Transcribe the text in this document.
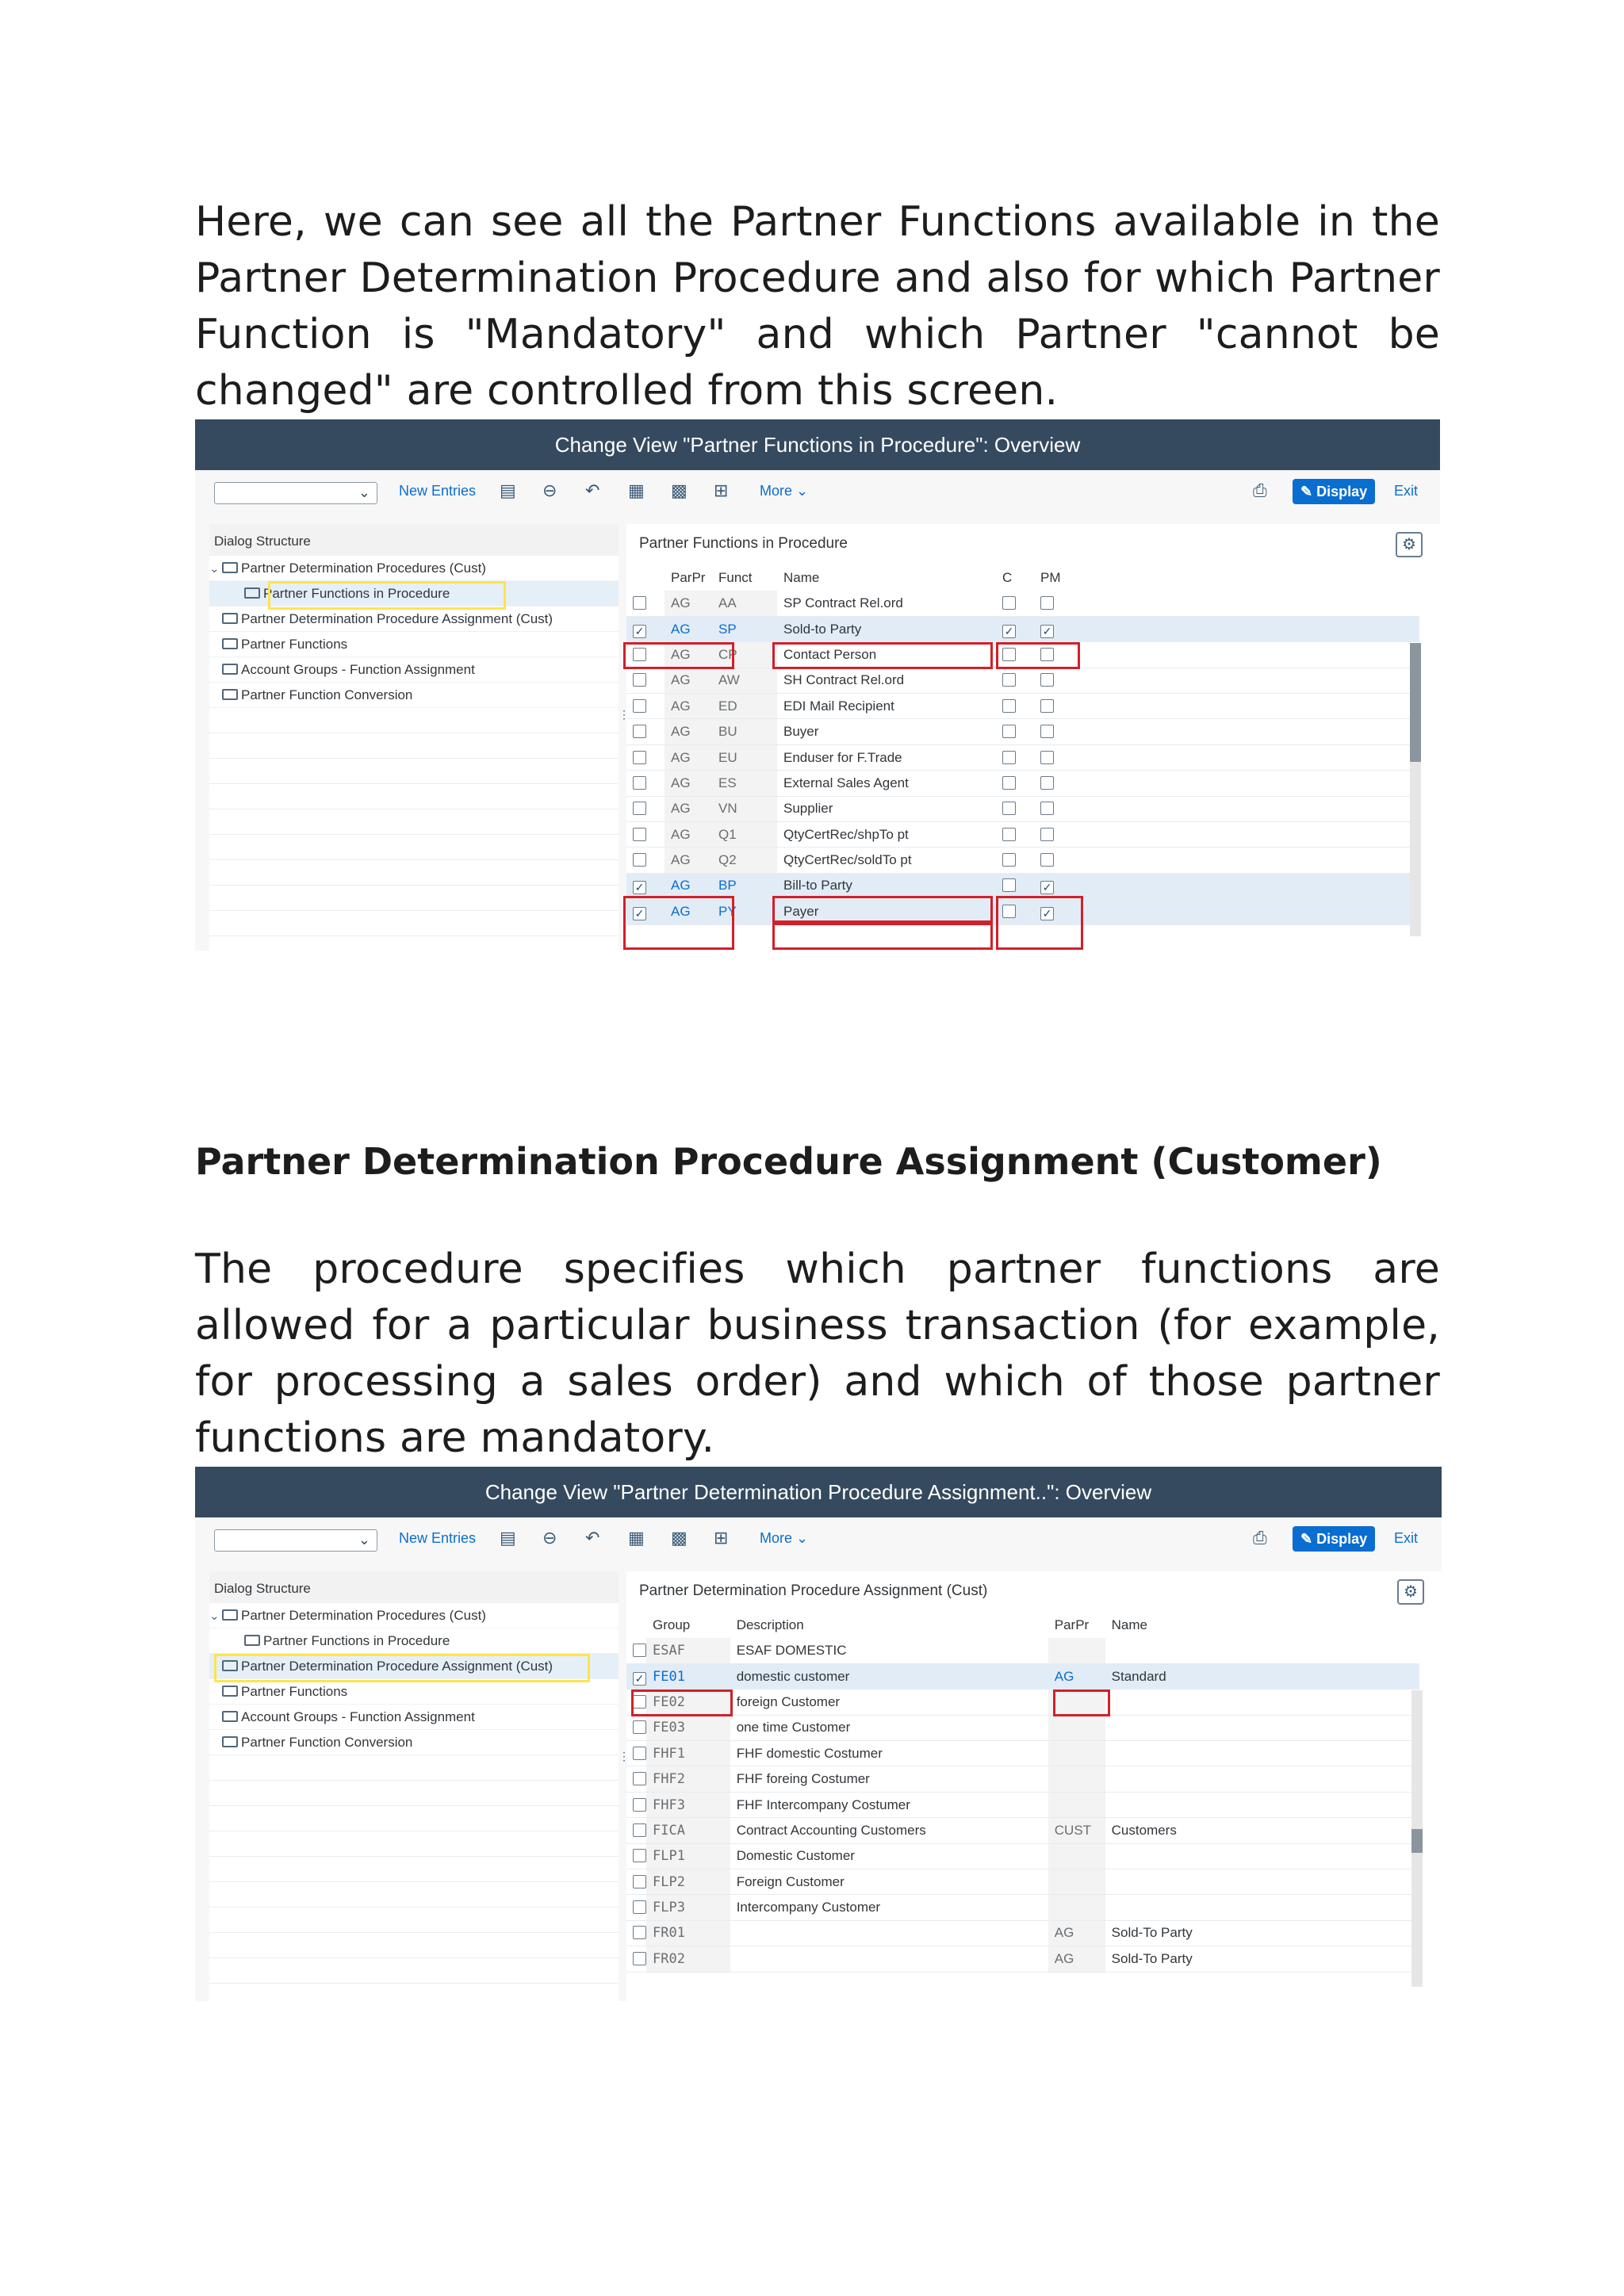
Here, we can see all the Partner Functions available in the Partner Determination Procedure and also for which Partner Function is "Mandatory" and which Partner "cannot be changed" are controlled from this screen.

Change View "Partner Functions in Procedure": Overview
⌄ New Entries ▤ ⊖ ↶ ▦ ▩ ⊞ More ⌄	⎙	✎ Display	Exit
Dialog Structure
⌄ Partner Determination Procedures (Cust)
Partner Functions in Procedure
Partner Determination Procedure Assignment (Cust)
Partner Functions
Account Groups - Function Assignment
Partner Function Conversion
Partner Functions in Procedure	⚙
	ParPr	Funct	Name	C	PM
	AG	AA	SP Contract Rel.ord		
✓	AG	SP	Sold-to Party	✓	✓
	AG	CP	Contact Person		
	AG	AW	SH Contract Rel.ord		
	AG	ED	EDI Mail Recipient		
	AG	BU	Buyer		
	AG	EU	Enduser for F.Trade		
	AG	ES	External Sales Agent		
	AG	VN	Supplier		
	AG	Q1	QtyCertRec/shpTo pt		
	AG	Q2	QtyCertRec/soldTo pt		
✓	AG	BP	Bill-to Party		✓
✓	AG	PY	Payer		✓
⋮
Partner Determination Procedure Assignment (Customer)

The procedure specifies which partner functions are allowed for a particular business transaction (for example, for processing a sales order) and which of those partner functions are mandatory.

Change View "Partner Determination Procedure Assignment..": Overview
⌄ New Entries ▤ ⊖ ↶ ▦ ▩ ⊞ More ⌄	⎙	✎ Display	Exit
Dialog Structure
⌄ Partner Determination Procedures (Cust)
Partner Functions in Procedure
Partner Determination Procedure Assignment (Cust)
Partner Functions
Account Groups - Function Assignment
Partner Function Conversion
Partner Determination Procedure Assignment (Cust)	⚙
	Group	Description	ParPr	Name
	ESAF	ESAF DOMESTIC		
✓	FE01	domestic customer	AG	Standard
	FE02	foreign Customer		
	FE03	one time Customer		
	FHF1	FHF domestic Costumer		
	FHF2	FHF foreing Costumer		
	FHF3	FHF Intercompany Costumer		
	FICA	Contract Accounting Customers	CUST	Customers
	FLP1	Domestic Customer		
	FLP2	Foreign Customer		
	FLP3	Intercompany Customer		
	FR01		AG	Sold-To Party
	FR02		AG	Sold-To Party
⋮
